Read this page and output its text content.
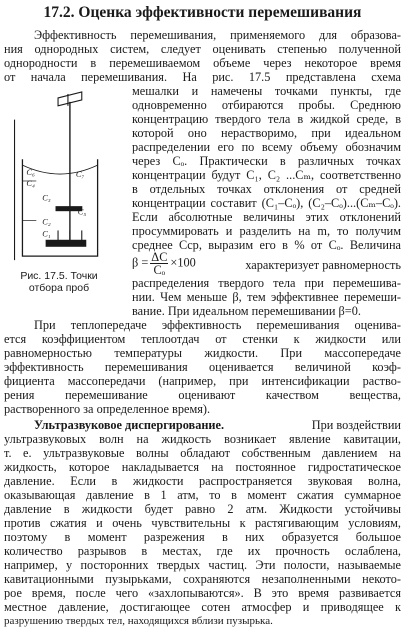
17.2. Оценка эффективности перемешивания
Эффективность перемешивания, применяемого для образова-
ния однородных систем, следует оценивать степенью полученной
однородности в перемешиваемом объеме через некоторое время
от начала перемешивания. На рис. 17.5 представлена схема
мешалки и намечены точками пункты, где
одновременно отбираются пробы. Среднюю
концентрацию твердого тела в жидкой среде, в
которой оно нерастворимо, при идеальном
распределении его по всему объему обозначим
через Cₒ. Практически в различных точках
концентрации будут C₁, C₂ ...Cₘ, соответственно
в отдельных точках отклонения от средней
концентрации составит (C₁–Cₒ), (C₂–Cₒ)...(Cₘ–Cₒ).
Если абсолютные величины этих отклонений
просуммировать и разделить на m, то получим
среднее Cср, выразим его в % от Cₒ. Величина
$\beta = \frac{\Delta C}{\text{Cₒ}} \times 100$	характеризует равномерность
распределения твердого тела при перемешива-
нии. Чем меньше β, тем эффективнее перемеши-
вание. При идеальном перемешивании β=0.
При теплопередаче эффективность перемешивания оценива-
ется коэффициентом теплоотдач от стенки к жидкости или
равномерностью температуры жидкости. При массопередаче
эффективность перемешивания оценивается величиной коэф-
фициента массопередачи (например, при интенсификации раство-
рения перемешивание оценивают качеством вещества,
растворенного за определенное время).
Ультразвуковое диспергирование.	При воздействии
ультразвуковых волн на жидкость возникает явление кавитации,
т. е. ультразвуковые волны обладают собственным давлением на
жидкость, которое накладывается на постоянное гидростатическое
давление. Если в жидкости распространяется звуковая волна,
оказывающая давление в 1 атм, то в момент сжатия суммарное
давление в жидкости будет равно 2 атм. Жидкости устойчивы
против сжатия и очень чувствительны к растягивающим условиям,
поэтому в момент разрежения в них образуется большое
количество разрывов в местах, где их прочность ослаблена,
например, у посторонних твердых частиц. Эти полости, называемые
кавитационными пузырьками, сохраняются незаполненными некото-
рое время, после чего «захлопываются». В это время развивается
местное давление, достигающее сотен атмосфер и приводящее к
разрушению твердых тел, находящихся вблизи пузырька.
C₆
C₄
C₇
C₃
C₅
C₂
C₁
Рис. 17.5. Точки
отбора проб
